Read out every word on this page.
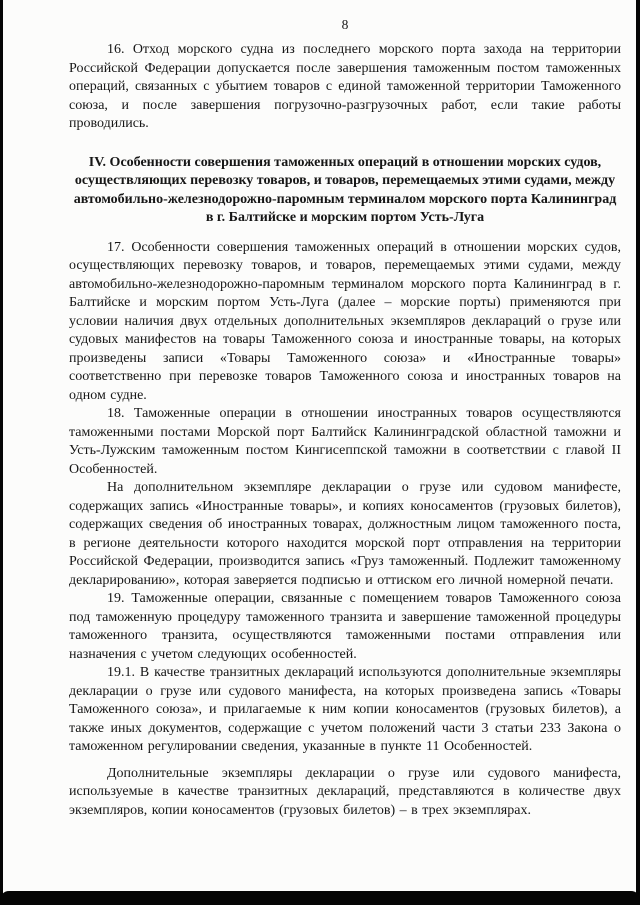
8

16. Отход морского судна из последнего морского порта захода на территории Российской Федерации допускается после завершения таможенным постом таможенных операций, связанных с убытием товаров с единой таможенной территории Таможенного союза, и после завершения погрузочно-разгрузочных работ, если такие работы проводились.

IV. Особенности совершения таможенных операций в отношении морских судов, осуществляющих перевозку товаров, и товаров, перемещаемых этими судами, между автомобильно-железнодорожно-паромным терминалом морского порта Калининград в г. Балтийске и морским портом Усть-Луга

17. Особенности совершения таможенных операций в отношении морских судов, осуществляющих перевозку товаров, и товаров, перемещаемых этими судами, между автомобильно-железнодорожно-паромным терминалом морского порта Калининград в г. Балтийске и морским портом Усть-Луга (далее – морские порты) применяются при условии наличия двух отдельных дополнительных экземпляров деклараций о грузе или судовых манифестов на товары Таможенного союза и иностранные товары, на которых произведены записи «Товары Таможенного союза» и «Иностранные товары» соответственно при перевозке товаров Таможенного союза и иностранных товаров на одном судне.

18. Таможенные операции в отношении иностранных товаров осуществляются таможенными постами Морской порт Балтийск Калининградской областной таможни и Усть-Лужским таможенным постом Кингисеппской таможни в соответствии с главой II Особенностей.

На дополнительном экземпляре декларации о грузе или судовом манифесте, содержащих запись «Иностранные товары», и копиях коносаментов (грузовых билетов), содержащих сведения об иностранных товарах, должностным лицом таможенного поста, в регионе деятельности которого находится морской порт отправления на территории Российской Федерации, производится запись «Груз таможенный. Подлежит таможенному декларированию», которая заверяется подписью и оттиском его личной номерной печати.

19. Таможенные операции, связанные с помещением товаров Таможенного союза под таможенную процедуру таможенного транзита и завершение таможенной процедуры таможенного транзита, осуществляются таможенными постами отправления или назначения с учетом следующих особенностей.

19.1. В качестве транзитных деклараций используются дополнительные экземпляры декларации о грузе или судового манифеста, на которых произведена запись «Товары Таможенного союза», и прилагаемые к ним копии коносаментов (грузовых билетов), а также иных документов, содержащие с учетом положений части 3 статьи 233 Закона о таможенном регулировании сведения, указанные в пункте 11 Особенностей.

Дополнительные экземпляры декларации о грузе или судового манифеста, используемые в качестве транзитных деклараций, представляются в количестве двух экземпляров, копии коносаментов (грузовых билетов) – в трех экземплярах.
